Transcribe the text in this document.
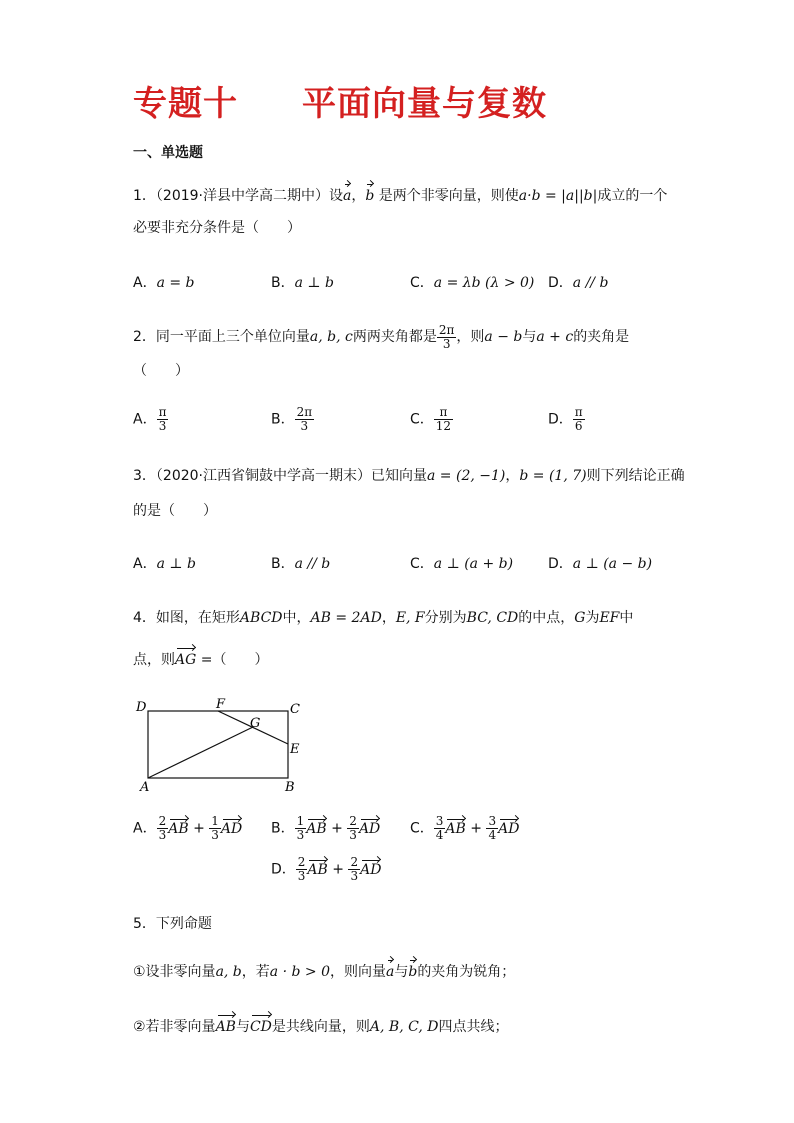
专题十 平面向量与复数
一、单选题
1．（2019·洋县中学高二期中）设a，b 是两个非零向量，则使a·b = |a||b|成立的一个
必要非充分条件是（　　）
A．a = b	B．a ⊥ b	C．a = λb (λ > 0) D．a // b
2．同一平面上三个单位向量a, b, c两两夹角都是 $\frac{2\pi}{3}$ ，则a − b与a + c的夹角是
（　　）
A． $\frac{\pi}{3}$	B． $\frac{2\pi}{3}$	C． $\frac{\pi}{12}$	D． $\frac{\pi}{6}$
3．（2020·江西省铜鼓中学高一期末）已知向量a = (2, −1)，b = (1, 7)则下列结论正确
的是（　　）
A．a ⊥ b	B．a // b	C．a ⊥ (a + b) D．a ⊥ (a − b)
4．如图，在矩形ABCD中，AB = 2AD，E, F分别为BC, CD的中点，G为EF中
点，则AG =（　　）
D	F	C
G
E
A	B
A． $\frac{2}{3}$ AB + $\frac{1}{3}$ AD B． $\frac{1}{3}$ AB + $\frac{2}{3}$ AD C． $\frac{3}{4}$ AB + $\frac{3}{4}$ AD
D． $\frac{2}{3}$ AB + $\frac{2}{3}$ AD
5．下列命题
①设非零向量a, b，若a · b > 0，则向量a与b的夹角为锐角；
②若非零向量AB与CD是共线向量，则A, B, C, D四点共线；
